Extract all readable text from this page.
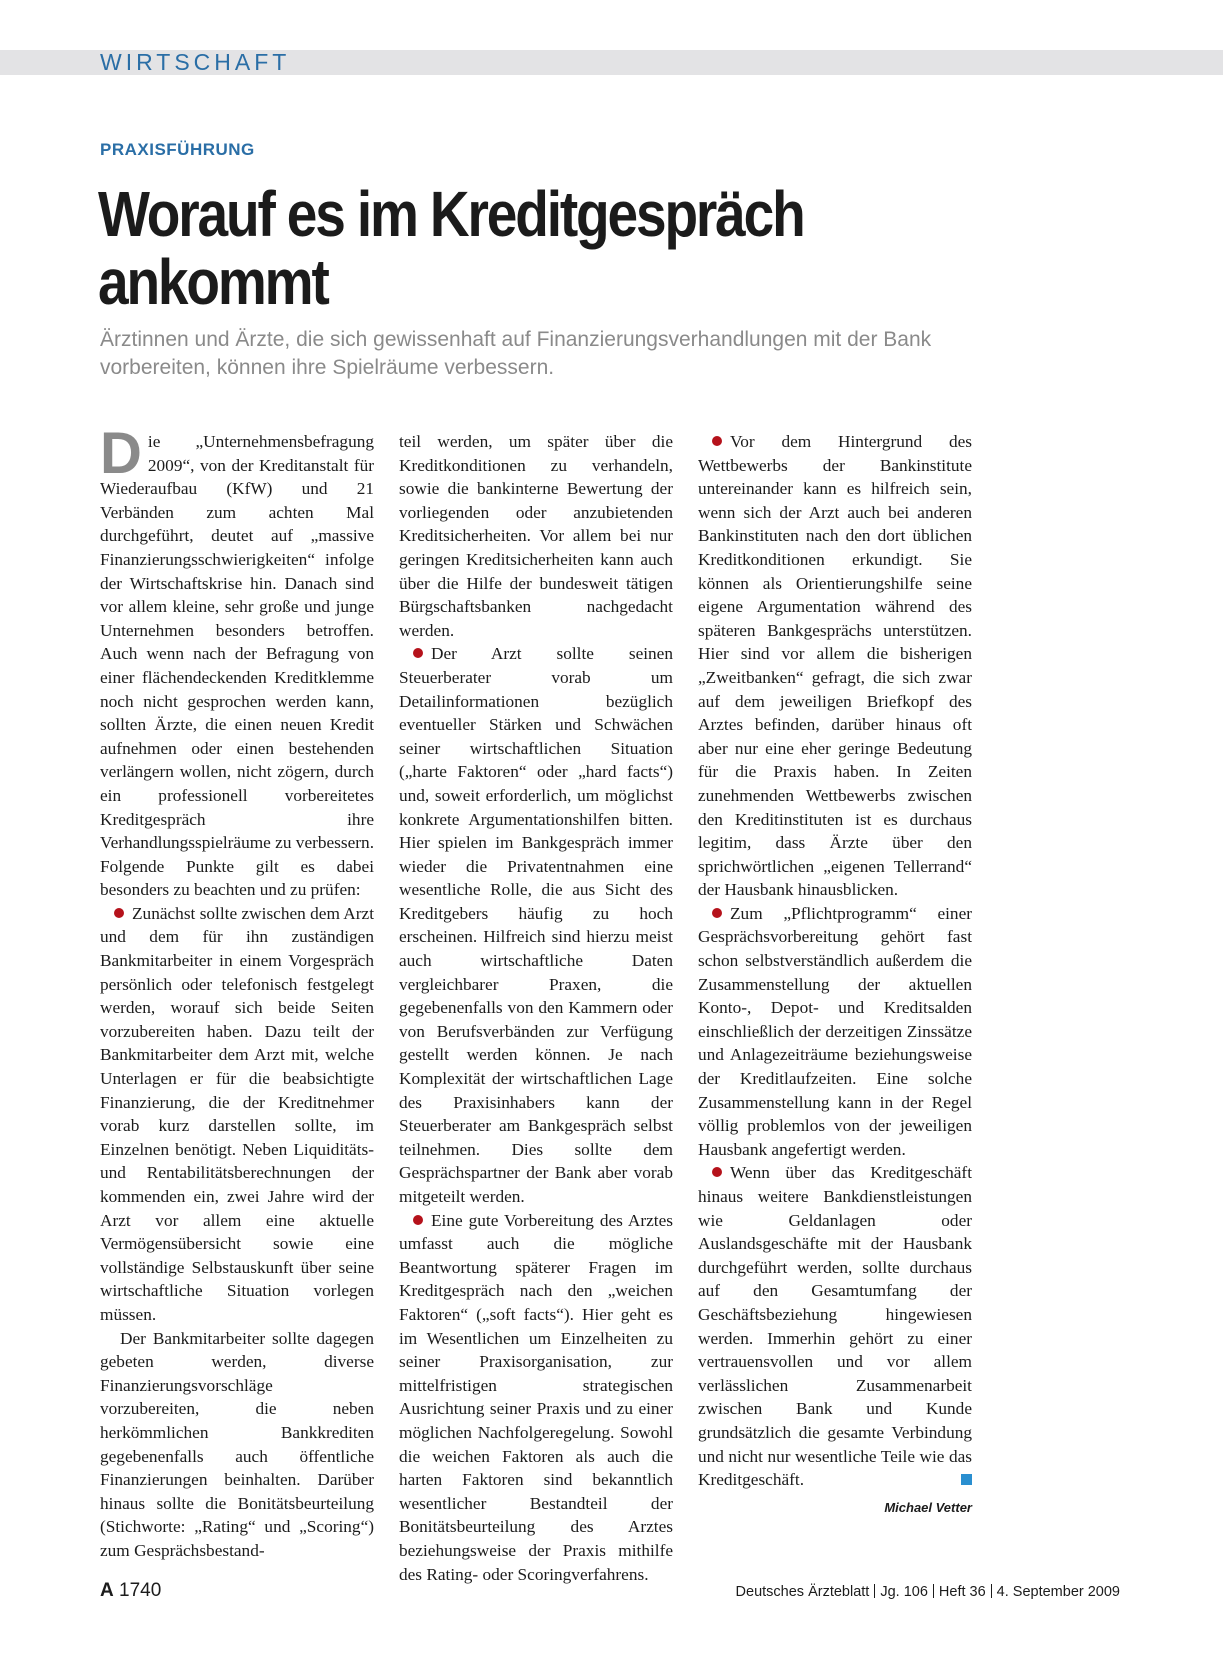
WIRTSCHAFT
PRAXISFÜHRUNG
Worauf es im Kreditgespräch ankommt

Ärztinnen und Ärzte, die sich gewissenhaft auf Finanzierungsverhandlungen mit der Bank vorbereiten, können ihre Spielräume verbessern.

Die „Unternehmensbefragung 2009“, von der Kreditanstalt für Wiederaufbau (KfW) und 21 Verbänden zum achten Mal durchgeführt, deutet auf „massive Finanzierungsschwierigkeiten“ infolge der Wirtschaftskrise hin. Danach sind vor allem kleine, sehr große und junge Unternehmen besonders betroffen. Auch wenn nach der Befragung von einer flächendeckenden Kreditklemme noch nicht gesprochen werden kann, sollten Ärzte, die einen neuen Kredit aufnehmen oder einen bestehenden verlängern wollen, nicht zögern, durch ein professionell vorbereitetes Kreditgespräch ihre Verhandlungsspielräume zu verbessern. Folgende Punkte gilt es dabei besonders zu beachten und zu prüfen:

Zunächst sollte zwischen dem Arzt und dem für ihn zuständigen Bankmitarbeiter in einem Vorgespräch persönlich oder telefonisch festgelegt werden, worauf sich beide Seiten vorzubereiten haben. Dazu teilt der Bankmitarbeiter dem Arzt mit, welche Unterlagen er für die beabsichtigte Finanzierung, die der Kreditnehmer vorab kurz darstellen sollte, im Einzelnen benötigt. Neben Liquiditäts- und Rentabilitätsberechnungen der kommenden ein, zwei Jahre wird der Arzt vor allem eine aktuelle Vermögensübersicht sowie eine vollständige Selbstauskunft über seine wirtschaftliche Situation vorlegen müssen.

Der Bankmitarbeiter sollte dagegen gebeten werden, diverse Finanzierungsvorschläge vorzubereiten, die neben herkömmlichen Bankkrediten gegebenenfalls auch öffentliche Finanzierungen beinhalten. Darüber hinaus sollte die Bonitätsbeurteilung (Stichworte: „Rating“ und „Scoring“) zum Gesprächsbestand-

teil werden, um später über die Kreditkonditionen zu verhandeln, sowie die bankinterne Bewertung der vorliegenden oder anzubietenden Kreditsicherheiten. Vor allem bei nur geringen Kreditsicherheiten kann auch über die Hilfe der bundesweit tätigen Bürgschaftsbanken nachgedacht werden.

Der Arzt sollte seinen Steuerberater vorab um Detailinformationen bezüglich eventueller Stärken und Schwächen seiner wirtschaftlichen Situation („harte Faktoren“ oder „hard facts“) und, soweit erforderlich, um möglichst konkrete Argumentationshilfen bitten. Hier spielen im Bankgespräch immer wieder die Privatentnahmen eine wesentliche Rolle, die aus Sicht des Kreditgebers häufig zu hoch erscheinen. Hilfreich sind hierzu meist auch wirtschaftliche Daten vergleichbarer Praxen, die gegebenenfalls von den Kammern oder von Berufsverbänden zur Verfügung gestellt werden können. Je nach Komplexität der wirtschaftlichen Lage des Praxisinhabers kann der Steuerberater am Bankgespräch selbst teilnehmen. Dies sollte dem Gesprächspartner der Bank aber vorab mitgeteilt werden.

Eine gute Vorbereitung des Arztes umfasst auch die mögliche Beantwortung späterer Fragen im Kreditgespräch nach den „weichen Faktoren“ („soft facts“). Hier geht es im Wesentlichen um Einzelheiten zu seiner Praxisorganisation, zur mittelfristigen strategischen Ausrichtung seiner Praxis und zu einer möglichen Nachfolgeregelung. Sowohl die weichen Faktoren als auch die harten Faktoren sind bekanntlich wesentlicher Bestandteil der Bonitätsbeurteilung des Arztes beziehungsweise der Praxis mithilfe des Rating- oder Scoringverfahrens.

Vor dem Hintergrund des Wettbewerbs der Bankinstitute untereinander kann es hilfreich sein, wenn sich der Arzt auch bei anderen Bankinstituten nach den dort üblichen Kreditkonditionen erkundigt. Sie können als Orientierungshilfe seine eigene Argumentation während des späteren Bankgesprächs unterstützen. Hier sind vor allem die bisherigen „Zweitbanken“ gefragt, die sich zwar auf dem jeweiligen Briefkopf des Arztes befinden, darüber hinaus oft aber nur eine eher geringe Bedeutung für die Praxis haben. In Zeiten zunehmenden Wettbewerbs zwischen den Kreditinstituten ist es durchaus legitim, dass Ärzte über den sprichwörtlichen „eigenen Tellerrand“ der Hausbank hinausblicken.

Zum „Pflichtprogramm“ einer Gesprächsvorbereitung gehört fast schon selbstverständlich außerdem die Zusammenstellung der aktuellen Konto-, Depot- und Kreditsalden einschließlich der derzeitigen Zinssätze und Anlagezeiträume beziehungsweise der Kreditlaufzeiten. Eine solche Zusammenstellung kann in der Regel völlig problemlos von der jeweiligen Hausbank angefertigt werden.

Wenn über das Kreditgeschäft hinaus weitere Bankdienstleistungen wie Geldanlagen oder Auslandsgeschäfte mit der Hausbank durchgeführt werden, sollte durchaus auf den Gesamtumfang der Geschäftsbeziehung hingewiesen werden. Immerhin gehört zu einer vertrauensvollen und vor allem verlässlichen Zusammenarbeit zwischen Bank und Kunde grundsätzlich die gesamte Verbindung und nicht nur wesentliche Teile wie das Kreditgeschäft.

Michael Vetter
A 1740	Deutsches Ärzteblatt Jg. 106 Heft 36 4. September 2009
